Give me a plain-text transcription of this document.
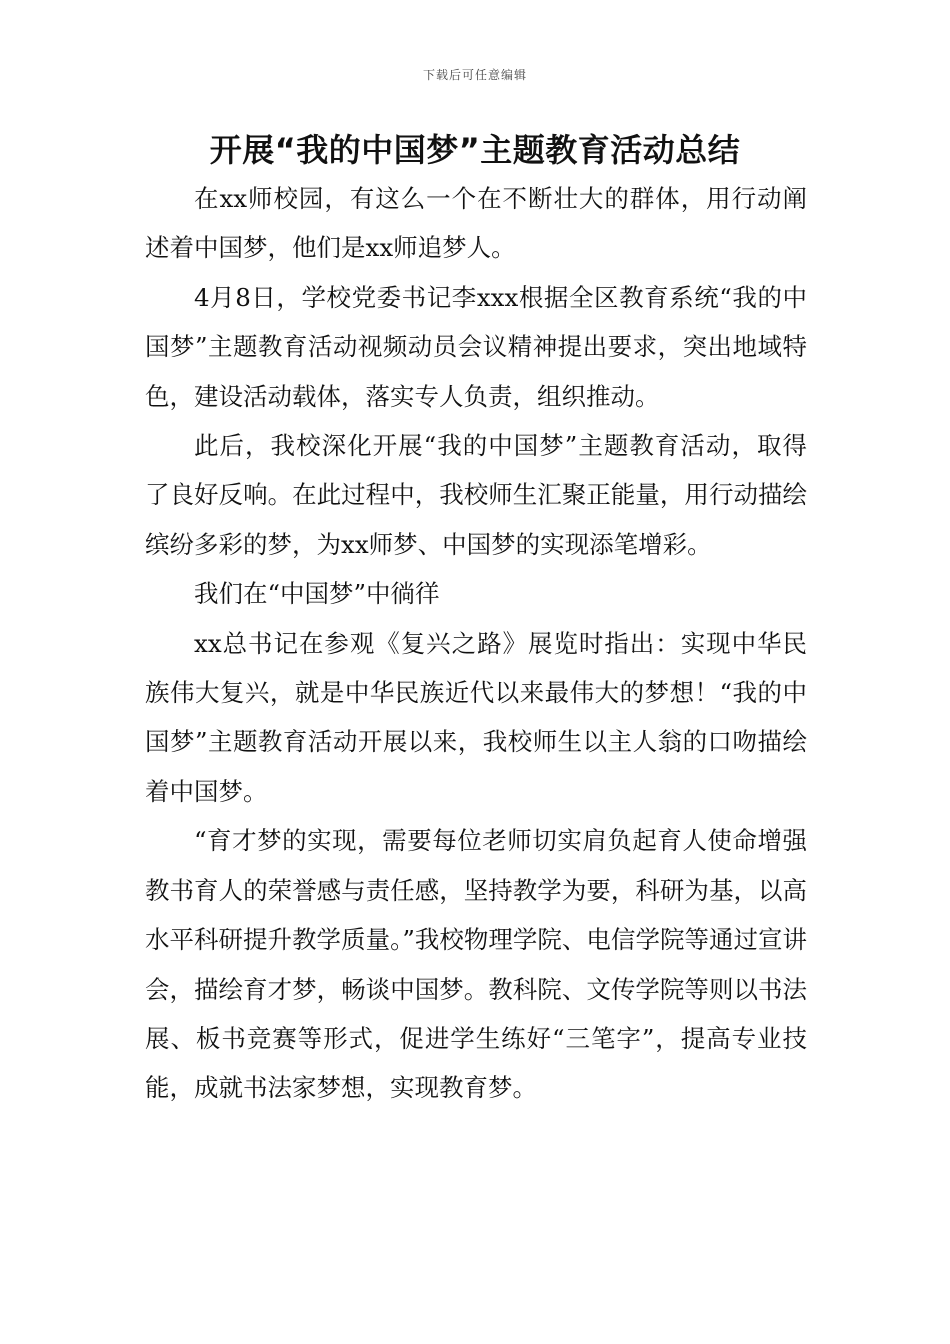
下载后可任意编辑
开展“我的中国梦”主题教育活动总结

在xx师校园，有这么一个在不断壮大的群体，用行动阐述着中国梦，他们是xx师追梦人。

4月8日，学校党委书记李xxx根据全区教育系统“我的中国梦”主题教育活动视频动员会议精神提出要求，突出地域特色，建设活动载体，落实专人负责，组织推动。

此后，我校深化开展“我的中国梦”主题教育活动，取得了良好反响。在此过程中，我校师生汇聚正能量，用行动描绘缤纷多彩的梦，为xx师梦、中国梦的实现添笔增彩。

我们在“中国梦”中徜徉

xx总书记在参观《复兴之路》展览时指出：实现中华民族伟大复兴，就是中华民族近代以来最伟大的梦想！“我的中国梦”主题教育活动开展以来，我校师生以主人翁的口吻描绘着中国梦。

“育才梦的实现，需要每位老师切实肩负起育人使命增强教书育人的荣誉感与责任感，坚持教学为要，科研为基，以高水平科研提升教学质量。”我校物理学院、电信学院等通过宣讲会，描绘育才梦，畅谈中国梦。教科院、文传学院等则以书法展、板书竞赛等形式，促进学生练好“三笔字”，提高专业技能，成就书法家梦想，实现教育梦。
